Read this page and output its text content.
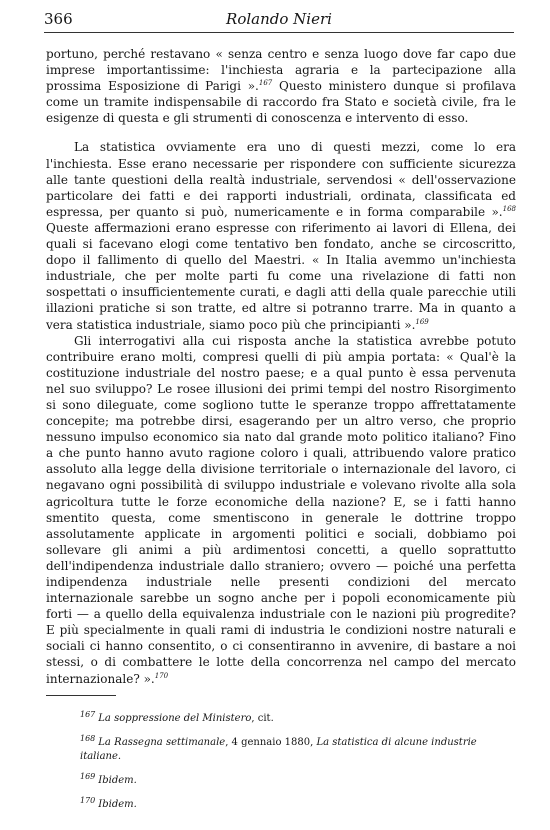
366	Rolando Nieri

portuno, perché restavano « senza centro e senza luogo dove far capo due imprese importantissime: l'inchiesta agraria e la partecipazione alla prossima Esposizione di Parigi ».$^{167}$ Questo ministero dunque si profilava come un tramite indispensabile di raccordo fra Stato e società civile, fra le esigenze di questa e gli strumenti di conoscenza e intervento di esso.

La statistica ovviamente era uno di questi mezzi, come lo era l'inchiesta. Esse erano necessarie per rispondere con sufficiente sicurezza alle tante questioni della realtà industriale, servendosi « dell'osservazione particolare dei fatti e dei rapporti industriali, ordinata, classificata ed espressa, per quanto si può, numericamente e in forma comparabile ».$^{168}$ Queste affermazioni erano espresse con riferimento ai lavori di Ellena, dei quali si facevano elogi come tentativo ben fondato, anche se circoscritto, dopo il fallimento di quello del Maestri. « In Italia avemmo un'inchiesta industriale, che per molte parti fu come una rivelazione di fatti non sospettati o insufficientemente curati, e dagli atti della quale parecchie utili illazioni pratiche si son tratte, ed altre si potranno trarre. Ma in quanto a vera statistica industriale, siamo poco più che principianti ».$^{169}$

Gli interrogativi alla cui risposta anche la statistica avrebbe potuto contribuire erano molti, compresi quelli di più ampia portata: « Qual'è la costituzione industriale del nostro paese; e a qual punto è essa pervenuta nel suo sviluppo? Le rosee illusioni dei primi tempi del nostro Risorgimento si sono dileguate, come sogliono tutte le speranze troppo affrettatamente concepite; ma potrebbe dirsi, esagerando per un altro verso, che proprio nessuno impulso economico sia nato dal grande moto politico italiano? Fino a che punto hanno avuto ragione coloro i quali, attribuendo valore pratico assoluto alla legge della divisione territoriale o internazionale del lavoro, ci negavano ogni possibilità di sviluppo industriale e volevano rivolte alla sola agricoltura tutte le forze economiche della nazione? E, se i fatti hanno smentito questa, come smentiscono in generale le dottrine troppo assolutamente applicate in argomenti politici e sociali, dobbiamo poi sollevare gli animi a più ardimentosi concetti, a quello soprattutto dell'indipendenza industriale dallo straniero; ovvero — poiché una perfetta indipendenza industriale nelle presenti condizioni del mercato internazionale sarebbe un sogno anche per i popoli economicamente più forti — a quello della equivalenza industriale con le nazioni più progredite? E più specialmente in quali rami di industria le condizioni nostre naturali e sociali ci hanno consentito, o ci consentiranno in avvenire, di bastare a noi stessi, o di combattere le lotte della concorrenza nel campo del mercato internazionale? ».$^{170}$

$^{167}$ La soppressione del Ministero, cit.
$^{168}$ La Rassegna settimanale, 4 gennaio 1880, La statistica di alcune industrie italiane.
$^{169}$ Ibidem.
$^{170}$ Ibidem.
